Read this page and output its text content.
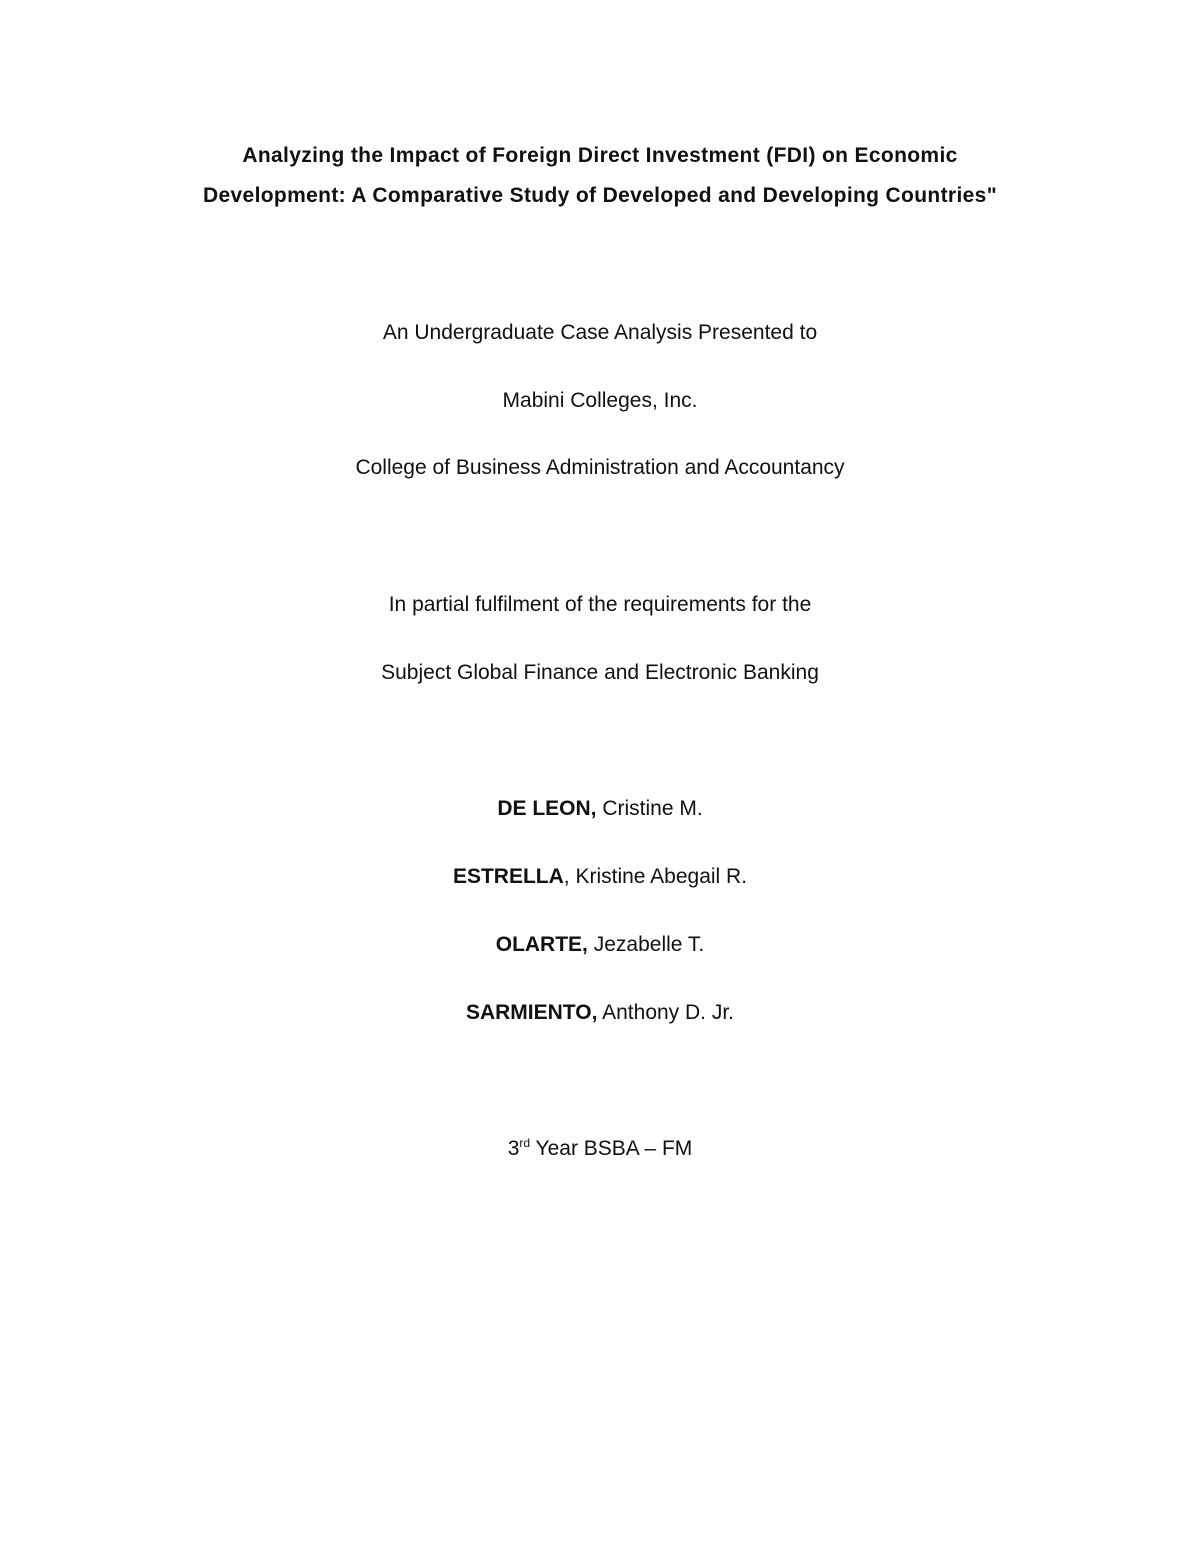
Analyzing the Impact of Foreign Direct Investment (FDI) on Economic
Development: A Comparative Study of Developed and Developing Countries"
An Undergraduate Case Analysis Presented to
Mabini Colleges, Inc.
College of Business Administration and Accountancy
In partial fulfilment of the requirements for the
Subject Global Finance and Electronic Banking
DE LEON, Cristine M.
ESTRELLA, Kristine Abegail R.
OLARTE, Jezabelle T.
SARMIENTO, Anthony D. Jr.
3rd Year BSBA – FM
